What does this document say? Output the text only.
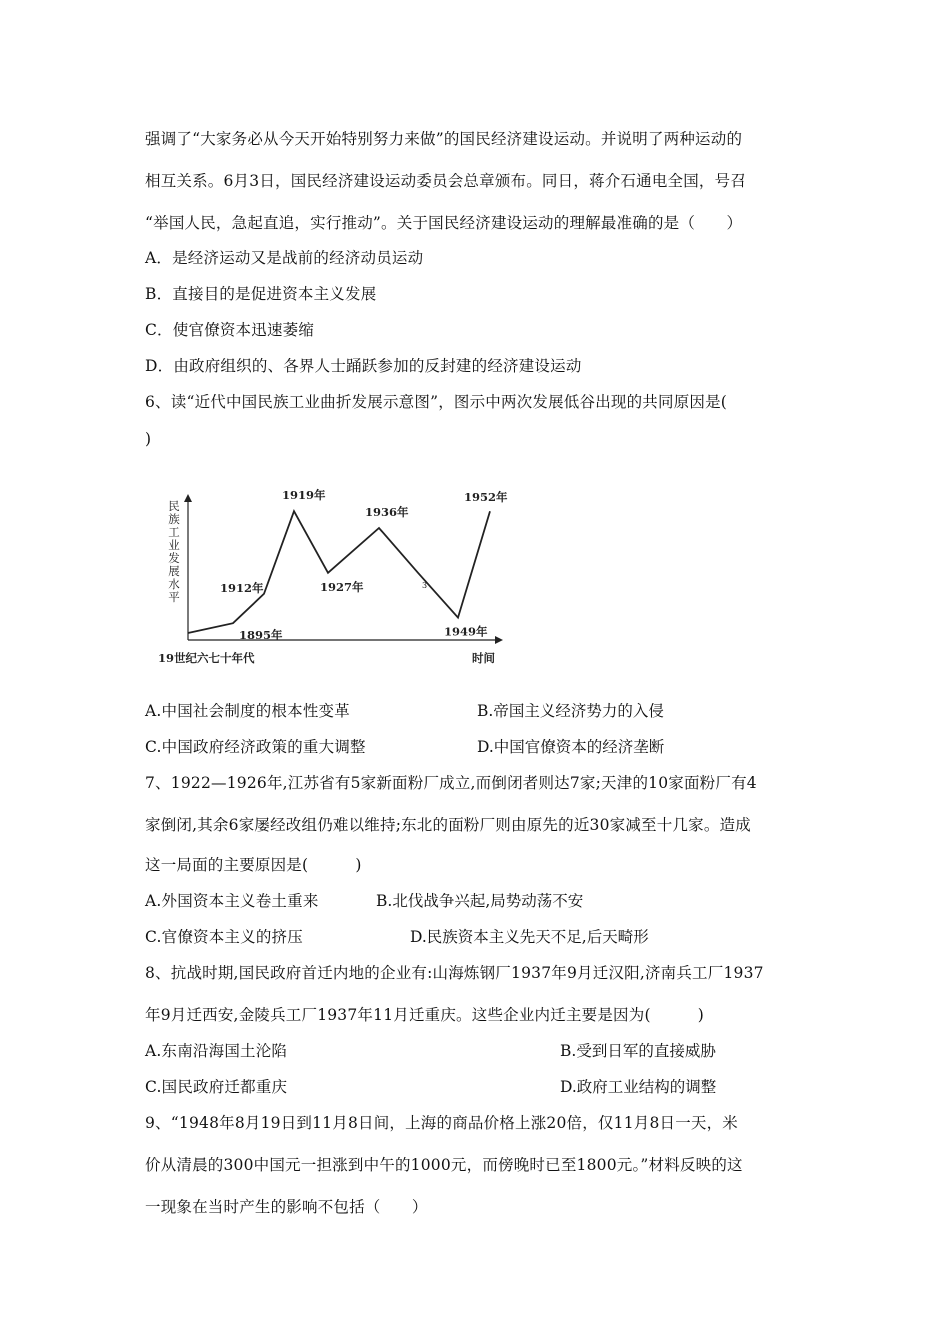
强调了“大家务必从今天开始特别努力来做”的国民经济建设运动。并说明了两种运动的
相互关系。6月3日，国民经济建设运动委员会总章颁布。同日，蒋介石通电全国，号召
“举国人民，急起直追，实行推动”。关于国民经济建设运动的理解最准确的是（　　）
A．是经济运动又是战前的经济动员运动
B．直接目的是促进资本主义发展
C．使官僚资本迅速萎缩
D．由政府组织的、各界人士踊跃参加的反封建的经济建设运动
6、读“近代中国民族工业曲折发展示意图”，图示中两次发展低谷出现的共同原因是(
)
民族工业发展水平
1895年
1912年
1919年
1927年
1936年
1949年
1952年
19世纪六七十年代	时间
3
A.中国社会制度的根本性变革	B.帝国主义经济势力的入侵
C.中国政府经济政策的重大调整	D.中国官僚资本的经济垄断
7、1922—1926年,江苏省有5家新面粉厂成立,而倒闭者则达7家;天津的10家面粉厂有4
家倒闭,其余6家屡经改组仍难以维持;东北的面粉厂则由原先的近30家减至十几家。造成
这一局面的主要原因是(　　　)
A.外国资本主义卷土重来	B.北伐战争兴起,局势动荡不安
C.官僚资本主义的挤压	D.民族资本主义先天不足,后天畸形
8、抗战时期,国民政府首迁内地的企业有:山海炼钢厂1937年9月迁汉阳,济南兵工厂1937
年9月迁西安,金陵兵工厂1937年11月迁重庆。这些企业内迁主要是因为(　　　)
A.东南沿海国土沦陷	B.受到日军的直接威胁
C.国民政府迁都重庆	D.政府工业结构的调整
9、“1948年8月19日到11月8日间，上海的商品价格上涨20倍，仅11月8日一天，米
价从清晨的300中国元一担涨到中午的1000元，而傍晚时已至1800元。”材料反映的这
一现象在当时产生的影响不包括（　　）
